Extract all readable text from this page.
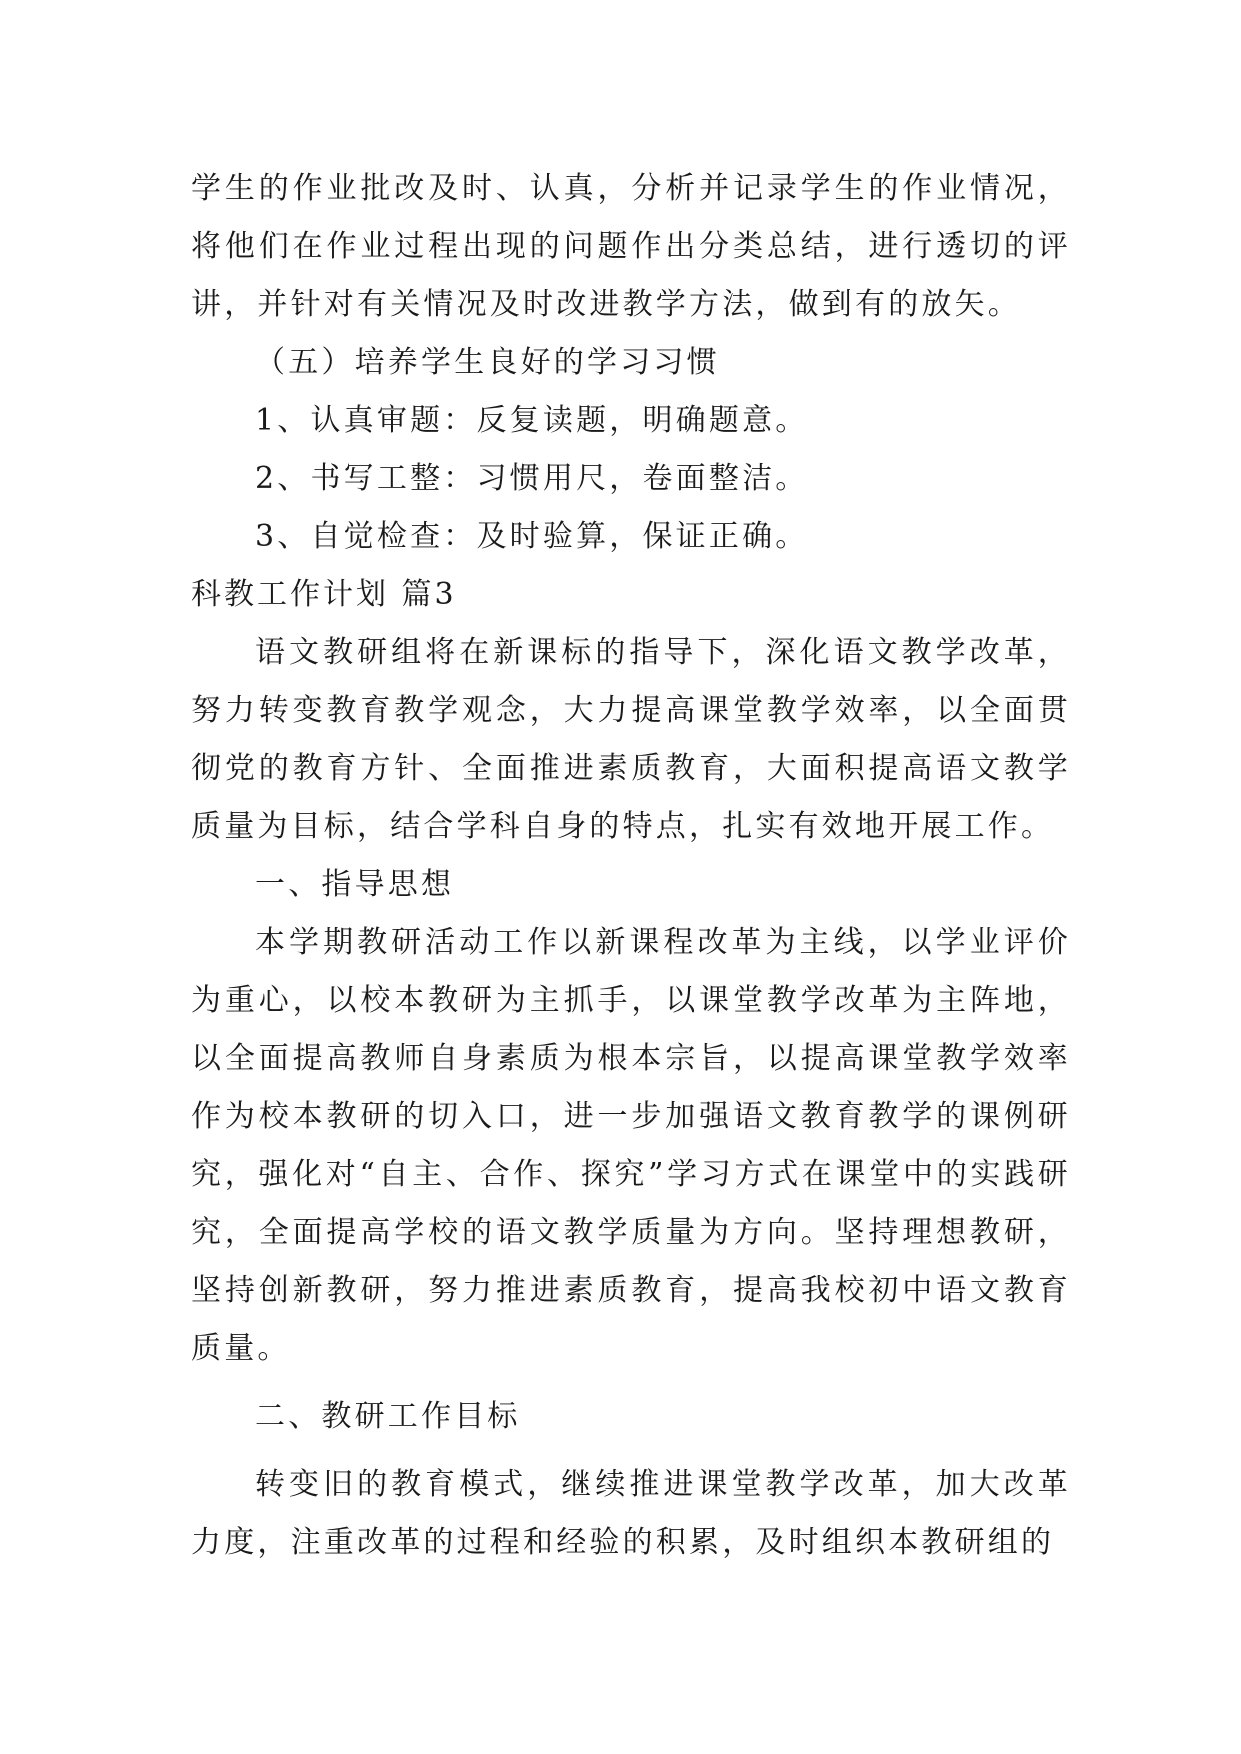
学生的作业批改及时、认真，分析并记录学生的作业情况，将他们在作业过程出现的问题作出分类总结，进行透切的评讲，并针对有关情况及时改进教学方法，做到有的放矢。

（五）培养学生良好的学习习惯

1、认真审题：反复读题，明确题意。

2、书写工整：习惯用尺，卷面整洁。

3、自觉检查：及时验算，保证正确。

科教工作计划 篇3

语文教研组将在新课标的指导下，深化语文教学改革，努力转变教育教学观念，大力提高课堂教学效率，以全面贯彻党的教育方针、全面推进素质教育，大面积提高语文教学质量为目标，结合学科自身的特点，扎实有效地开展工作。

一、指导思想

本学期教研活动工作以新课程改革为主线，以学业评价为重心，以校本教研为主抓手，以课堂教学改革为主阵地，以全面提高教师自身素质为根本宗旨，以提高课堂教学效率作为校本教研的切入口，进一步加强语文教育教学的课例研究，强化对“自主、合作、探究”学习方式在课堂中的实践研究，全面提高学校的语文教学质量为方向。坚持理想教研，坚持创新教研，努力推进素质教育，提高我校初中语文教育质量。

二、教研工作目标

转变旧的教育模式，继续推进课堂教学改革，加大改革力度，注重改革的过程和经验的积累，及时组织本教研组的
